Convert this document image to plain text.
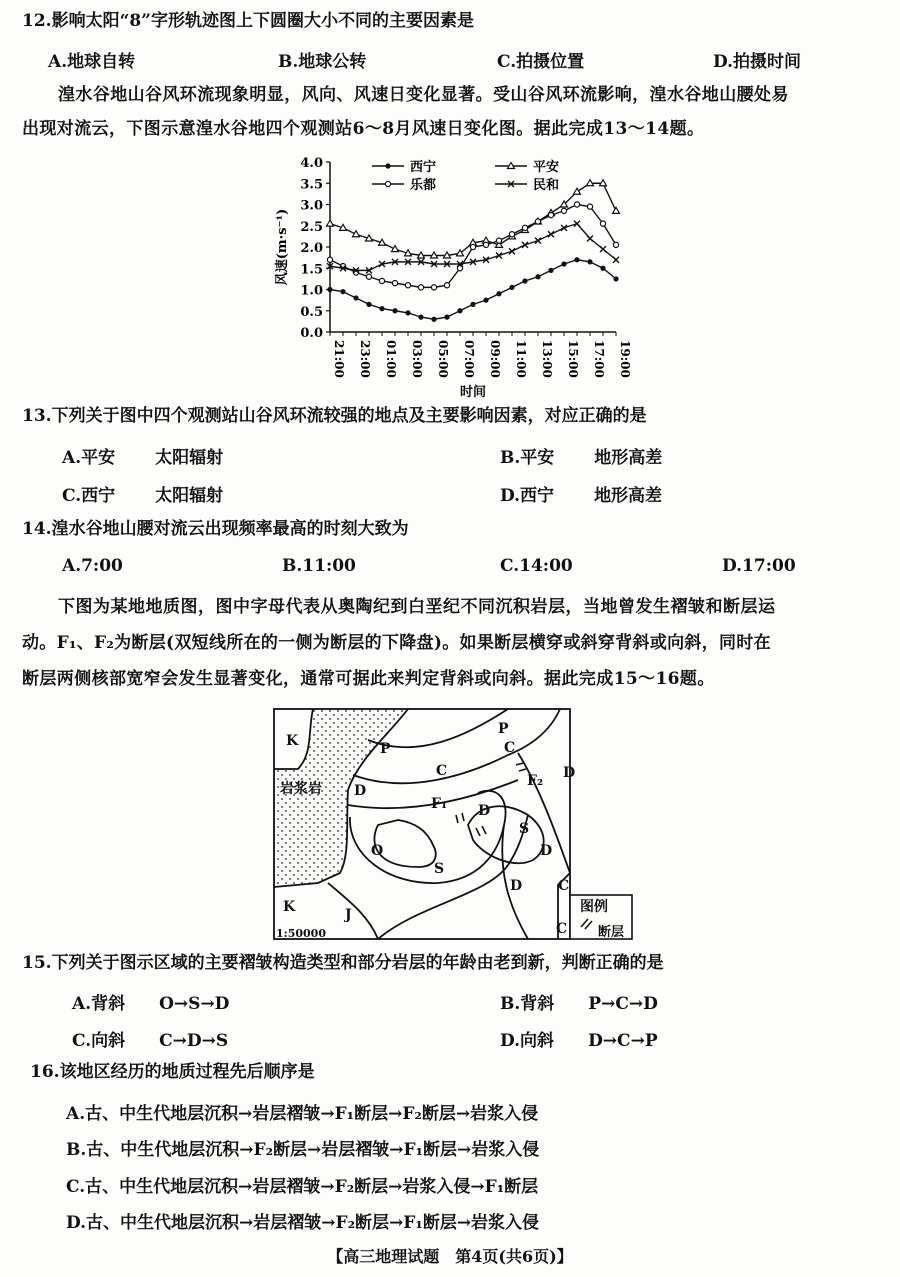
12.影响太阳“8”字形轨迹图上下圆圈大小不同的主要因素是
A.地球自转	B.地球公转	C.拍摄位置	D.拍摄时间
湟水谷地山谷风环流现象明显，风向、风速日变化显著。受山谷风环流影响，湟水谷地山腰处易
出现对流云，下图示意湟水谷地四个观测站6～8月风速日变化图。据此完成13～14题。
0.0
0.5
1.0
1.5
2.0
2.5
3.0
3.5
4.0
21:00 23:00 01:00 03:00 05:00 07:00 09:00 11:00 13:00 15:00 17:00 19:00
风速(m·s⁻¹)
时间
西宁	平安
乐都	民和
13.下列关于图中四个观测站山谷风环流较强的地点及主要影响因素，对应正确的是
A.平安 太阳辐射	B.平安 地形高差
C.西宁 太阳辐射	D.西宁 地形高差
14.湟水谷地山腰对流云出现频率最高的时刻大致为
A.7:00	B.11:00	C.14:00	D.17:00
下图为某地地质图，图中字母代表从奥陶纪到白垩纪不同沉积岩层，当地曾发生褶皱和断层运
动。F₁、F₂为断层(双短线所在的一侧为断层的下降盘)。如果断层横穿或斜穿背斜或向斜，同时在
断层两侧核部宽窄会发生显著变化，通常可据此来判定背斜或向斜。据此完成15～16题。
K
P
P	C
C
D
岩浆岩
D
F₁ D
F₂
S
O
S
D
C
K	J
D
C
图例
断层
1:50000
15.下列关于图示区域的主要褶皱构造类型和部分岩层的年龄由老到新，判断正确的是
A.背斜 O→S→D	B.背斜 P→C→D
C.向斜 C→D→S	D.向斜 D→C→P
16.该地区经历的地质过程先后顺序是
A.古、中生代地层沉积→岩层褶皱→F₁断层→F₂断层→岩浆入侵
B.古、中生代地层沉积→F₂断层→岩层褶皱→F₁断层→岩浆入侵
C.古、中生代地层沉积→岩层褶皱→F₂断层→岩浆入侵→F₁断层
D.古、中生代地层沉积→岩层褶皱→F₂断层→F₁断层→岩浆入侵
【高三地理试题　第4页(共6页)】
